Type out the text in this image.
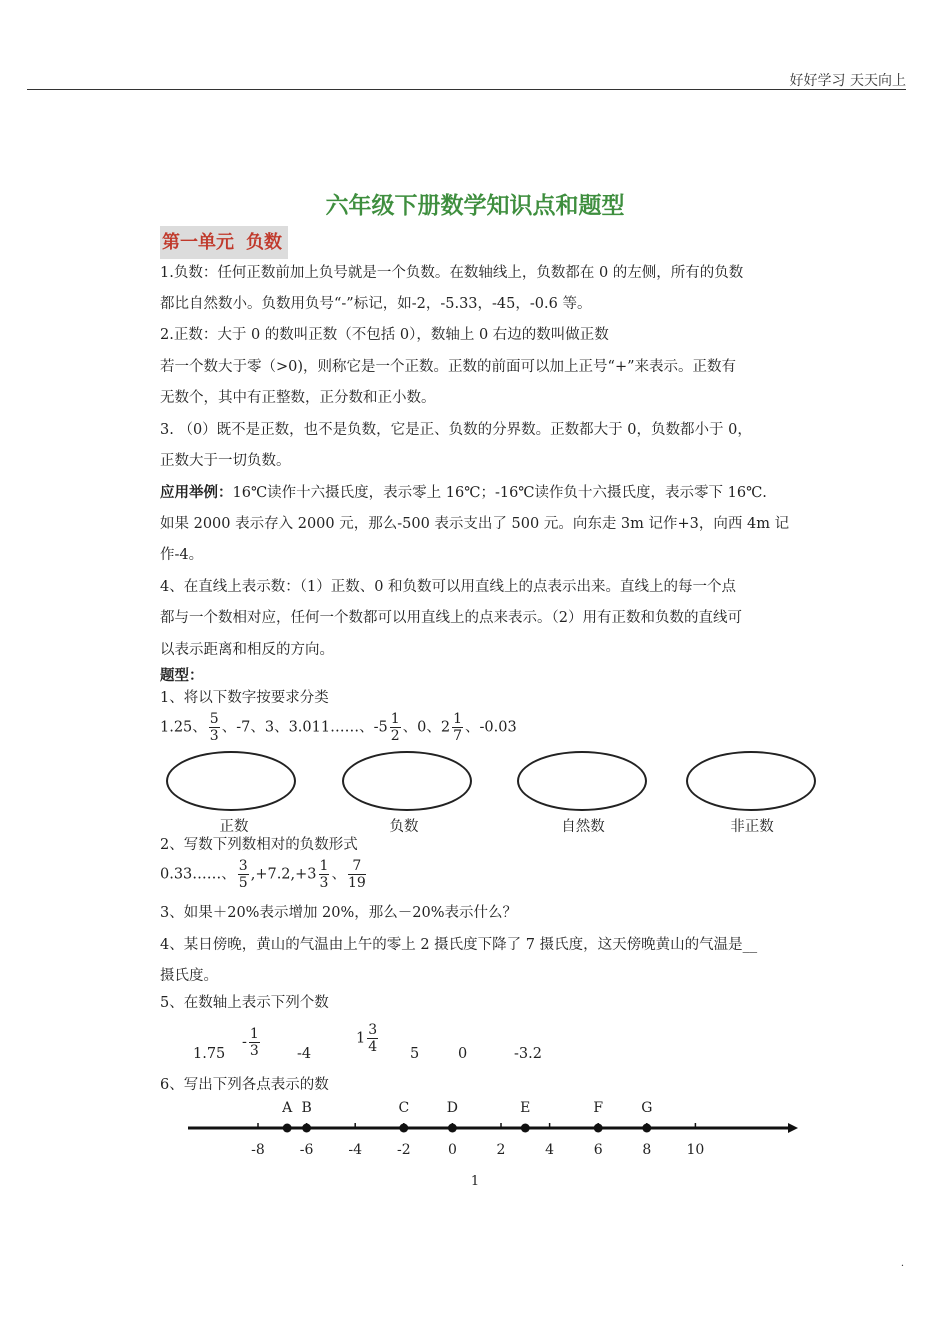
好好学习 天天向上
六年级下册数学知识点和题型
第一单元 负数
1.负数：任何正数前加上负号就是一个负数。在数轴线上，负数都在 0 的左侧，所有的负数
都比自然数小。负数用负号“-”标记，如-2，-5.33，-45，-0.6 等。
2.正数：大于 0 的数叫正数（不包括 0），数轴上 0 右边的数叫做正数
若一个数大于零（>0)，则称它是一个正数。正数的前面可以加上正号“+”来表示。正数有
无数个，其中有正整数，正分数和正小数。
3. （0）既不是正数，也不是负数，它是正、负数的分界数。正数都大于 0，负数都小于 0，
正数大于一切负数。
应用举例：16℃读作十六摄氏度，表示零上 16℃；-16℃读作负十六摄氏度，表示零下 16℃.
如果 2000 表示存入 2000 元，那么-500 表示支出了 500 元。向东走 3m 记作+3，向西 4m 记
作-4。
4、在直线上表示数：（1）正数、0 和负数可以用直线上的点表示出来。直线上的每一个点
都与一个数相对应，任何一个数都可以用直线上的点来表示。（2）用有正数和负数的直线可
以表示距离和相反的方向。
题型：
1、将以下数字按要求分类
1.25、 $\frac{5}{3}$ 、-7、3、3.011……、$-5 \frac{1}{2}$ 、0、$2 \frac{1}{7}$ 、-0.03
正数	负数	自然数	非正数
2、写数下列数相对的负数形式
0.33……、 $\frac{3}{5} ,+7.2,+3 \frac{1}{3}$ 、 $\frac{7}{19}$
3、如果＋20%表示增加 20%，那么－20%表示什么？
4、某日傍晚，黄山的气温由上午的零上 2 摄氏度下降了 7 摄氏度，这天傍晚黄山的气温是__
摄氏度。
5、在数轴上表示下列个数
1.75
- $\frac{1}{3}$	-4
$1 \frac{3}{4} 5$	0	-3.2
6、写出下列各点表示的数
-8 -6 -4 -2	0	2	4	6	8	10
A B	C	D	E	F	G
1
.
